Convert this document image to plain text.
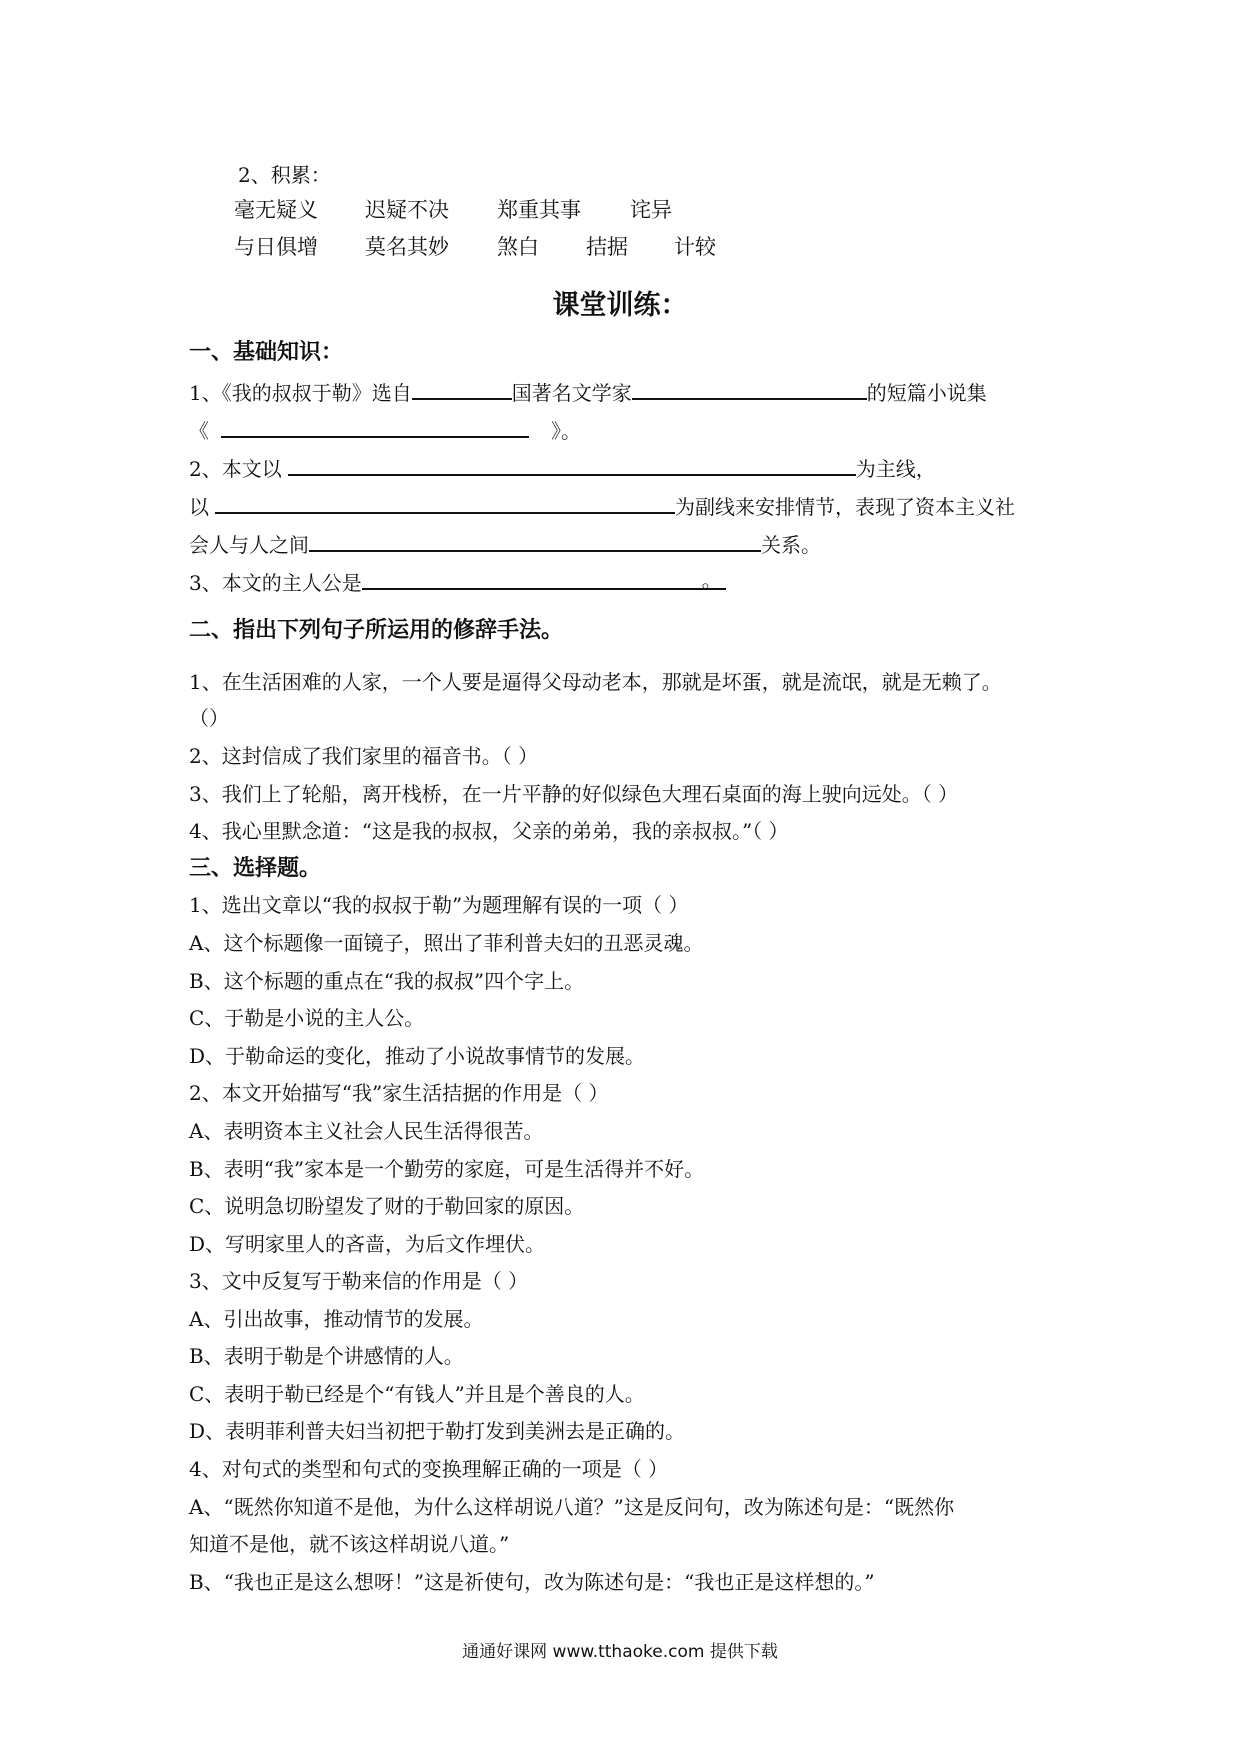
2、积累：
毫无疑义 迟疑不决 郑重其事 诧异
与日俱增 莫名其妙 煞白 拮据 计较
课堂训练：
一、基础知识：
1、《我的叔叔于勒》选自	国著名文学家	的短篇小说集
《	》。
2、本文以	为主线，
以	为副线来安排情节，表现了资本主义社
会人与人之间	关系。
3、本文的主人公是	。
二、指出下列句子所运用的修辞手法。
1、在生活困难的人家，一个人要是逼得父母动老本，那就是坏蛋，就是流氓，就是无赖了。
（）
2、这封信成了我们家里的福音书。（ ）
3、我们上了轮船，离开栈桥，在一片平静的好似绿色大理石桌面的海上驶向远处。（ ）
4、我心里默念道：“这是我的叔叔，父亲的弟弟，我的亲叔叔。”（ ）
三、选择题。
1、选出文章以“我的叔叔于勒”为题理解有误的一项（ ）
A、这个标题像一面镜子，照出了菲利普夫妇的丑恶灵魂。
B、这个标题的重点在“我的叔叔”四个字上。
C、于勒是小说的主人公。
D、于勒命运的变化，推动了小说故事情节的发展。
2、本文开始描写“我”家生活拮据的作用是（ ）
A、表明资本主义社会人民生活得很苦。
B、表明“我”家本是一个勤劳的家庭，可是生活得并不好。
C、说明急切盼望发了财的于勒回家的原因。
D、写明家里人的吝啬，为后文作埋伏。
3、文中反复写于勒来信的作用是（ ）
A、引出故事，推动情节的发展。
B、表明于勒是个讲感情的人。
C、表明于勒已经是个“有钱人”并且是个善良的人。
D、表明菲利普夫妇当初把于勒打发到美洲去是正确的。
4、对句式的类型和句式的变换理解正确的一项是（ ）
A、“既然你知道不是他，为什么这样胡说八道？”这是反问句，改为陈述句是：“既然你
知道不是他，就不该这样胡说八道。”
B、“我也正是这么想呀！”这是祈使句，改为陈述句是：“我也正是这样想的。”
通通好课网 www.tthaoke.com 提供下载
